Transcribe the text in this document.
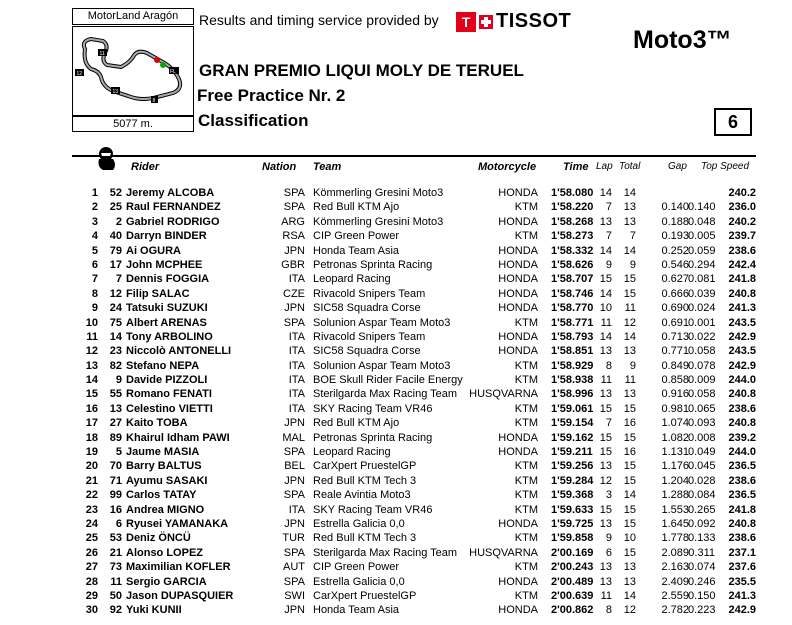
MotorLand Aragón
11
12
13
8
FL
5077 m.
Results and timing service provided by	T TISSOT
Moto3™
GRAN PREMIO LIQUI MOLY DE TERUEL
Free Practice Nr. 2
Classification	6
Rider	Nation Team	Motorcycle Time Lap Total	Gap Top Speed
1	52 Jeremy ALCOBA	SPA Kömmerling Gresini Moto3	HONDA 1'58.080 14 14	240.2
2	25 Raul FERNANDEZ	SPA Red Bull KTM Ajo	KTM 1'58.220	7 13	0.140 0.140	236.0
3	2 Gabriel RODRIGO	ARG Kömmerling Gresini Moto3	HONDA 1'58.268 13 13	0.188 0.048	240.2
4	40 Darryn BINDER	RSA CIP Green Power	KTM 1'58.273	7	7	0.193 0.005	239.7
5	79 Ai OGURA	JPN Honda Team Asia	HONDA 1'58.332 14 14	0.252 0.059	238.6
6	17 John MCPHEE	GBR Petronas Sprinta Racing	HONDA 1'58.626	9	9	0.546 0.294	242.4
7	7 Dennis FOGGIA	ITA Leopard Racing	HONDA 1'58.707 15 15	0.627 0.081	241.8
8	12 Filip SALAC	CZE Rivacold Snipers Team	HONDA 1'58.746 14 15	0.666 0.039	240.8
9	24 Tatsuki SUZUKI	JPN SIC58 Squadra Corse	HONDA 1'58.770 10 11	0.690 0.024	241.3
10	75 Albert ARENAS	SPA Solunion Aspar Team Moto3	KTM 1'58.771 11 12	0.691 0.001	243.5
11	14 Tony ARBOLINO	ITA Rivacold Snipers Team	HONDA 1'58.793 14 14	0.713 0.022	242.9
12	23 Niccolò ANTONELLI	ITA SIC58 Squadra Corse	HONDA 1'58.851 13 13	0.771 0.058	243.5
13	82 Stefano NEPA	ITA Solunion Aspar Team Moto3	KTM 1'58.929	8	9	0.849 0.078	242.9
14	9 Davide PIZZOLI	ITA BOE Skull Rider Facile Energy	KTM 1'58.938 11 11	0.858 0.009	244.0
15	55 Romano FENATI	ITA Sterilgarda Max Racing Team	HUSQVARNA 1'58.996 13 13	0.916 0.058	240.8
16	13 Celestino VIETTI	ITA SKY Racing Team VR46	KTM 1'59.061 15 15	0.981 0.065	238.6
17	27 Kaito TOBA	JPN Red Bull KTM Ajo	KTM 1'59.154	7 16	1.074 0.093	240.8
18	89 Khairul Idham PAWI	MAL Petronas Sprinta Racing	HONDA 1'59.162 15 15	1.082 0.008	239.2
19	5 Jaume MASIA	SPA Leopard Racing	HONDA 1'59.211 15 16	1.131 0.049	244.0
20	70 Barry BALTUS	BEL CarXpert PruestelGP	KTM 1'59.256 13 15	1.176 0.045	236.5
21	71 Ayumu SASAKI	JPN Red Bull KTM Tech 3	KTM 1'59.284 12 15	1.204 0.028	238.6
22	99 Carlos TATAY	SPA Reale Avintia Moto3	KTM 1'59.368	3 14	1.288 0.084	236.5
23	16 Andrea MIGNO	ITA SKY Racing Team VR46	KTM 1'59.633 15 15	1.553 0.265	241.8
24	6 Ryusei YAMANAKA	JPN Estrella Galicia 0,0	HONDA 1'59.725 13 15	1.645 0.092	240.8
25	53 Deniz ÖNCÜ	TUR Red Bull KTM Tech 3	KTM 1'59.858	9 10	1.778 0.133	238.6
26	21 Alonso LOPEZ	SPA Sterilgarda Max Racing Team	HUSQVARNA 2'00.169	6 15	2.089 0.311	237.1
27	73 Maximilian KOFLER	AUT CIP Green Power	KTM 2'00.243 13 13	2.163 0.074	237.6
28	11 Sergio GARCIA	SPA Estrella Galicia 0,0	HONDA 2'00.489 13 13	2.409 0.246	235.5
29	50 Jason DUPASQUIER	SWI CarXpert PruestelGP	KTM 2'00.639 11 14	2.559 0.150	241.3
30	92 Yuki KUNII	JPN Honda Team Asia	HONDA 2'00.862	8 12	2.782 0.223	242.9
